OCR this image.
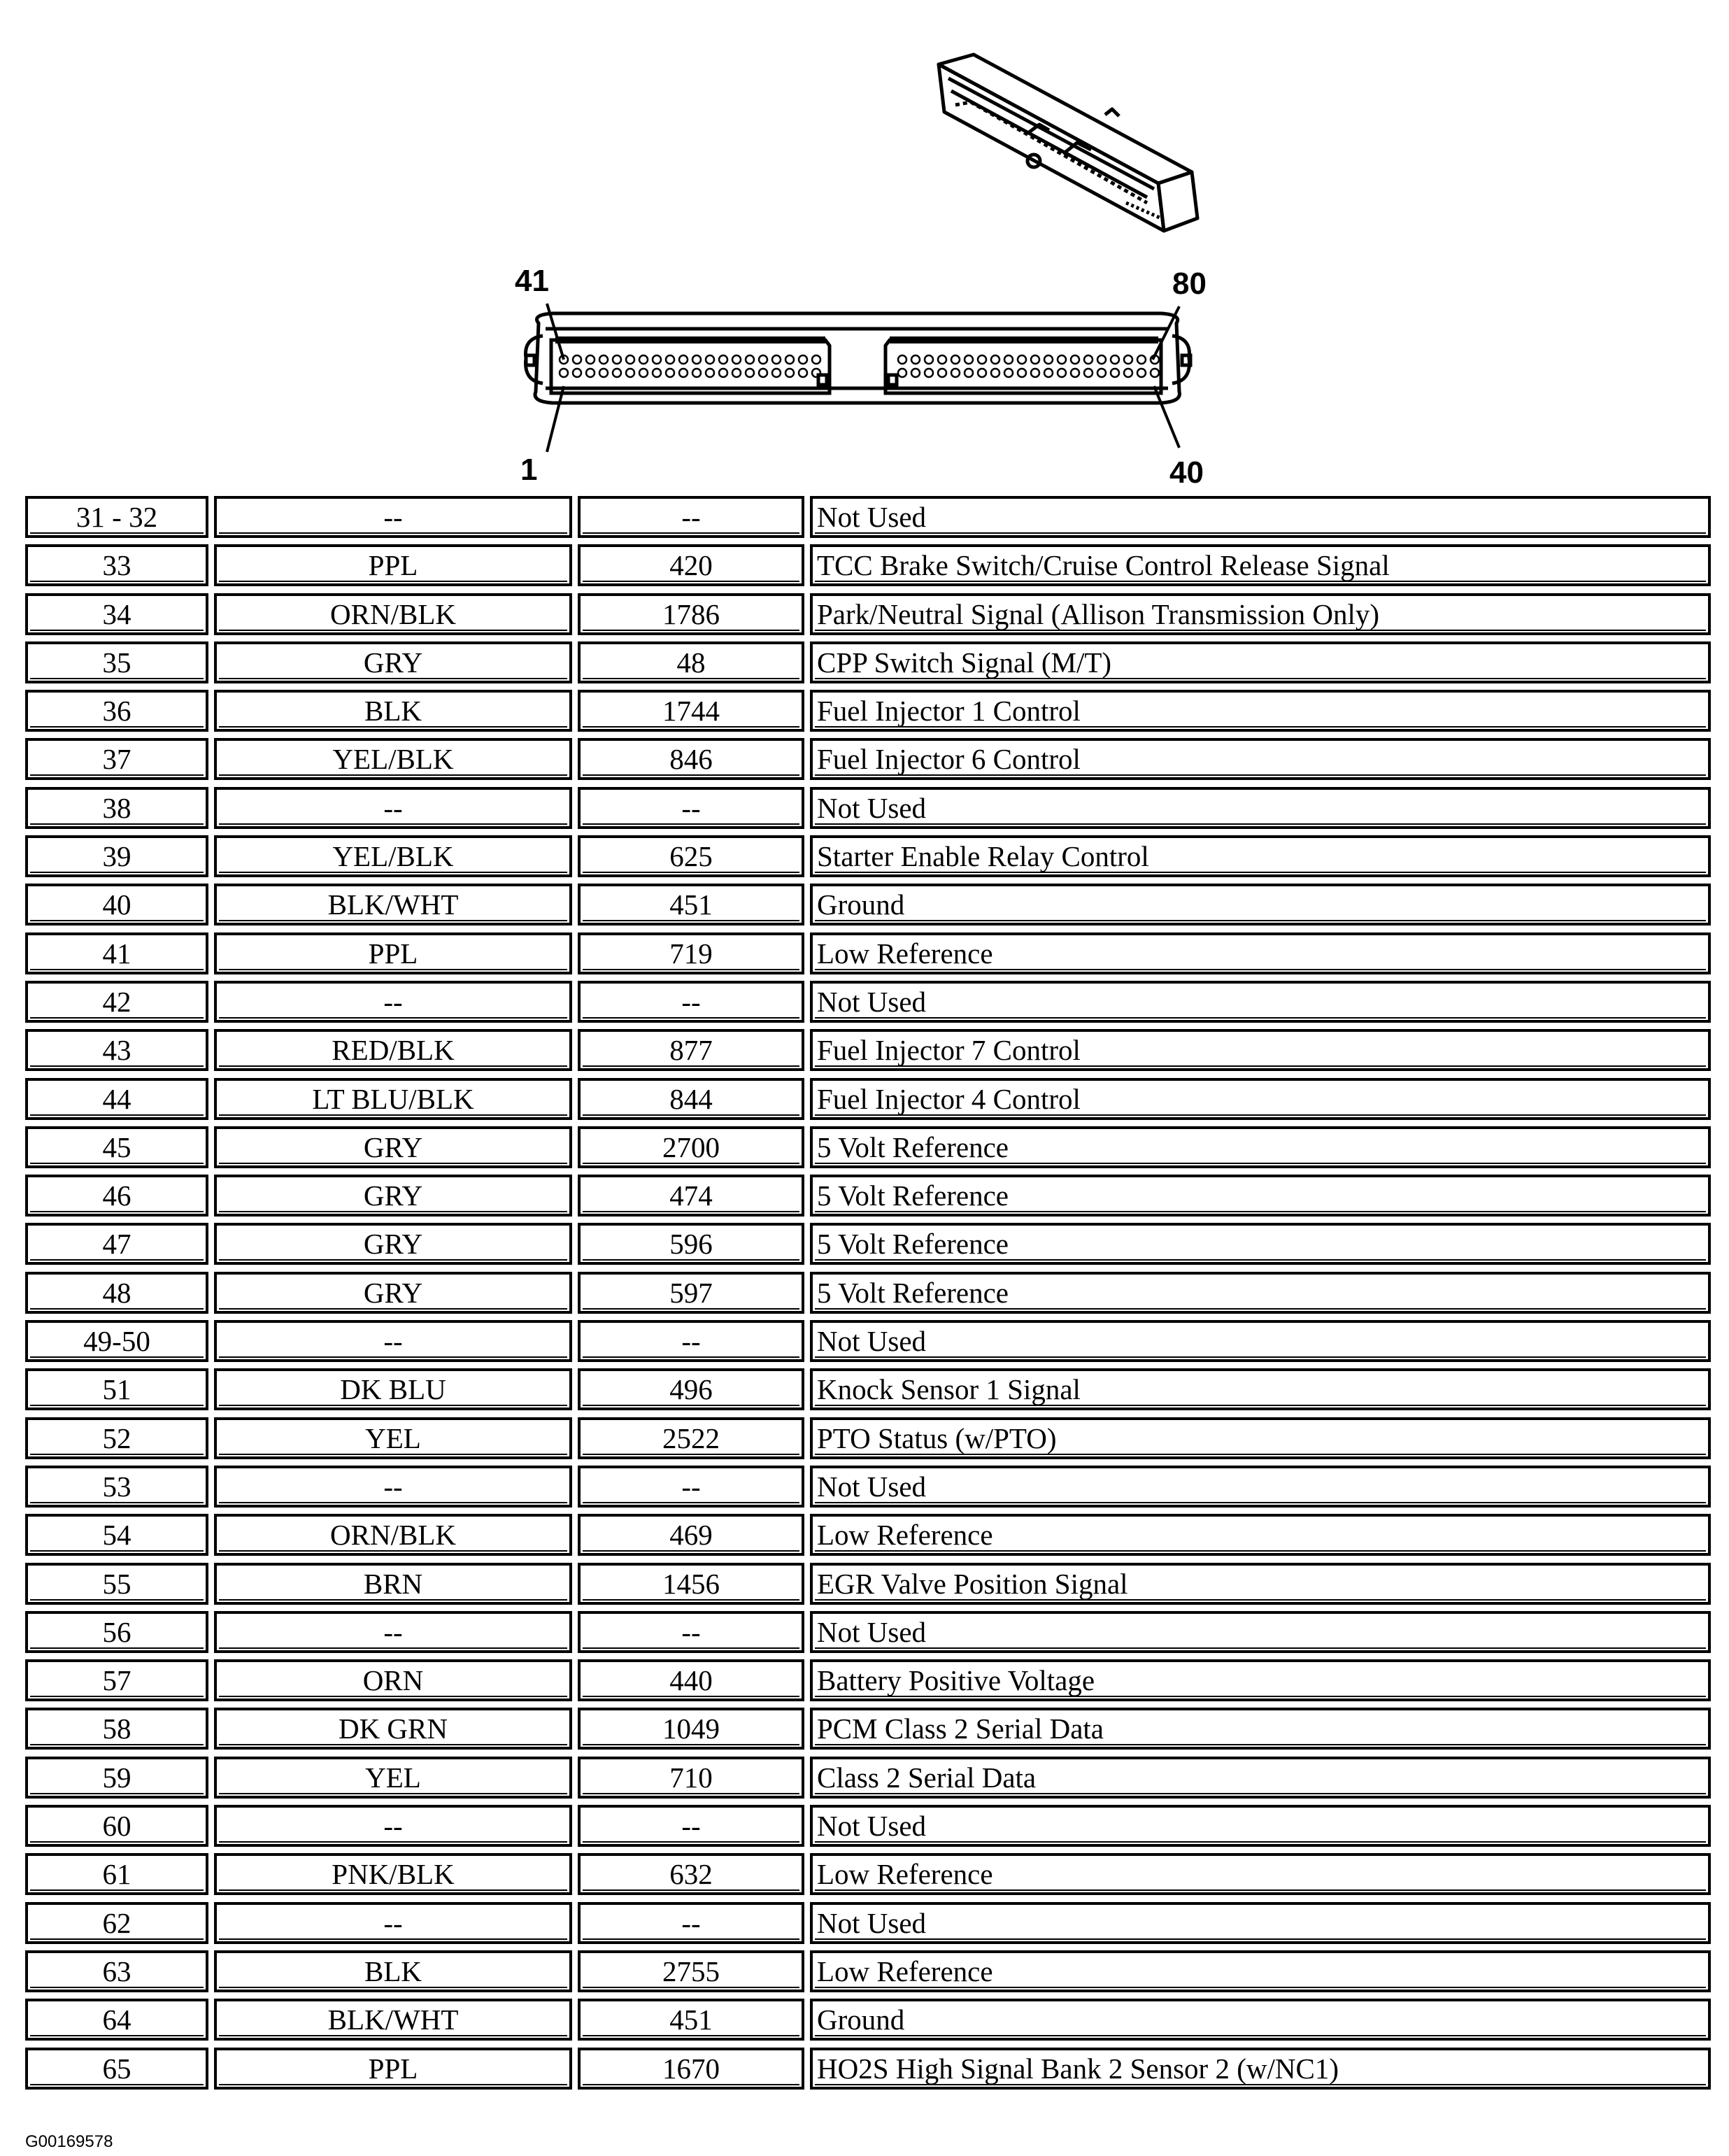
41	80
1	40
31 - 32	--	--	Not Used
33	PPL	420	TCC Brake Switch/Cruise Control Release Signal
34	ORN/BLK	1786	Park/Neutral Signal (Allison Transmission Only)
35	GRY	48	CPP Switch Signal (M/T)
36	BLK	1744	Fuel Injector 1 Control
37	YEL/BLK	846	Fuel Injector 6 Control
38	--	--	Not Used
39	YEL/BLK	625	Starter Enable Relay Control
40	BLK/WHT	451	Ground
41	PPL	719	Low Reference
42	--	--	Not Used
43	RED/BLK	877	Fuel Injector 7 Control
44	LT BLU/BLK	844	Fuel Injector 4 Control
45	GRY	2700	5 Volt Reference
46	GRY	474	5 Volt Reference
47	GRY	596	5 Volt Reference
48	GRY	597	5 Volt Reference
49-50	--	--	Not Used
51	DK BLU	496	Knock Sensor 1 Signal
52	YEL	2522	PTO Status (w/PTO)
53	--	--	Not Used
54	ORN/BLK	469	Low Reference
55	BRN	1456	EGR Valve Position Signal
56	--	--	Not Used
57	ORN	440	Battery Positive Voltage
58	DK GRN	1049	PCM Class 2 Serial Data
59	YEL	710	Class 2 Serial Data
60	--	--	Not Used
61	PNK/BLK	632	Low Reference
62	--	--	Not Used
63	BLK	2755	Low Reference
64	BLK/WHT	451	Ground
65	PPL	1670	HO2S High Signal Bank 2 Sensor 2 (w/NC1)
G00169578
